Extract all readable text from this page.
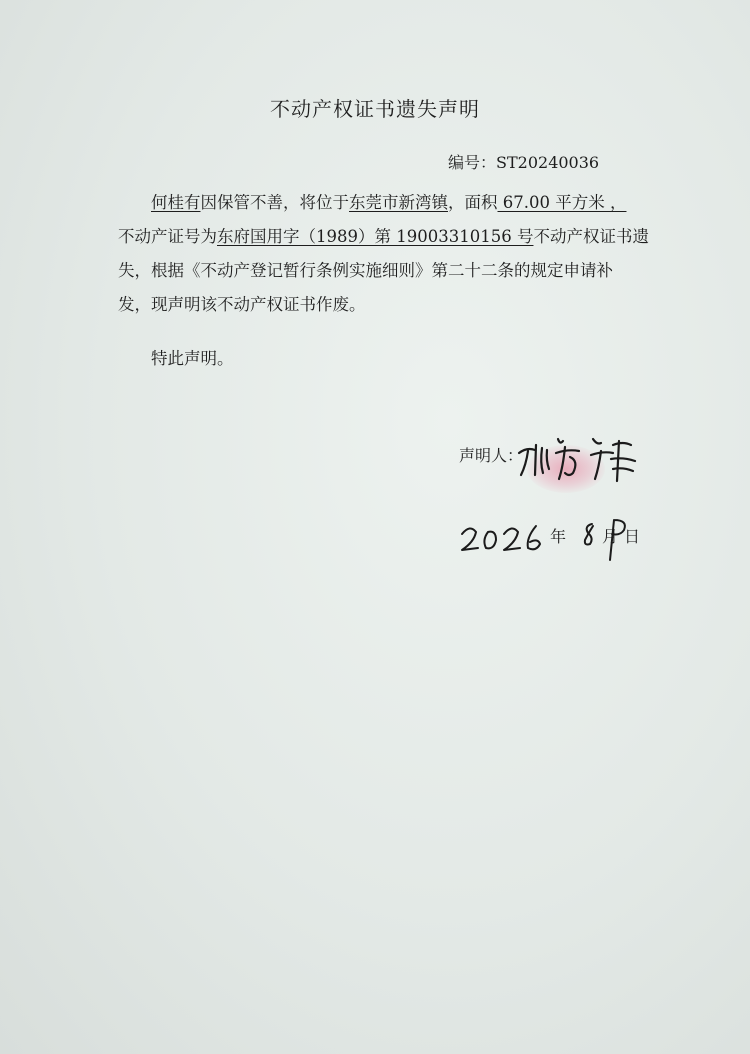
不动产权证书遗失声明
编号：ST20240036
何桂有因保管不善，将位于东莞市新湾镇，面积 67.00 平方米 ，
不动产证号为东府国用字（1989）第 19003310156 号不动产权证书遗
失，根据《不动产登记暂行条例实施细则》第二十二条的规定申请补
发，现声明该不动产权证书作废。
特此声明。
声明人：
年 月 日
